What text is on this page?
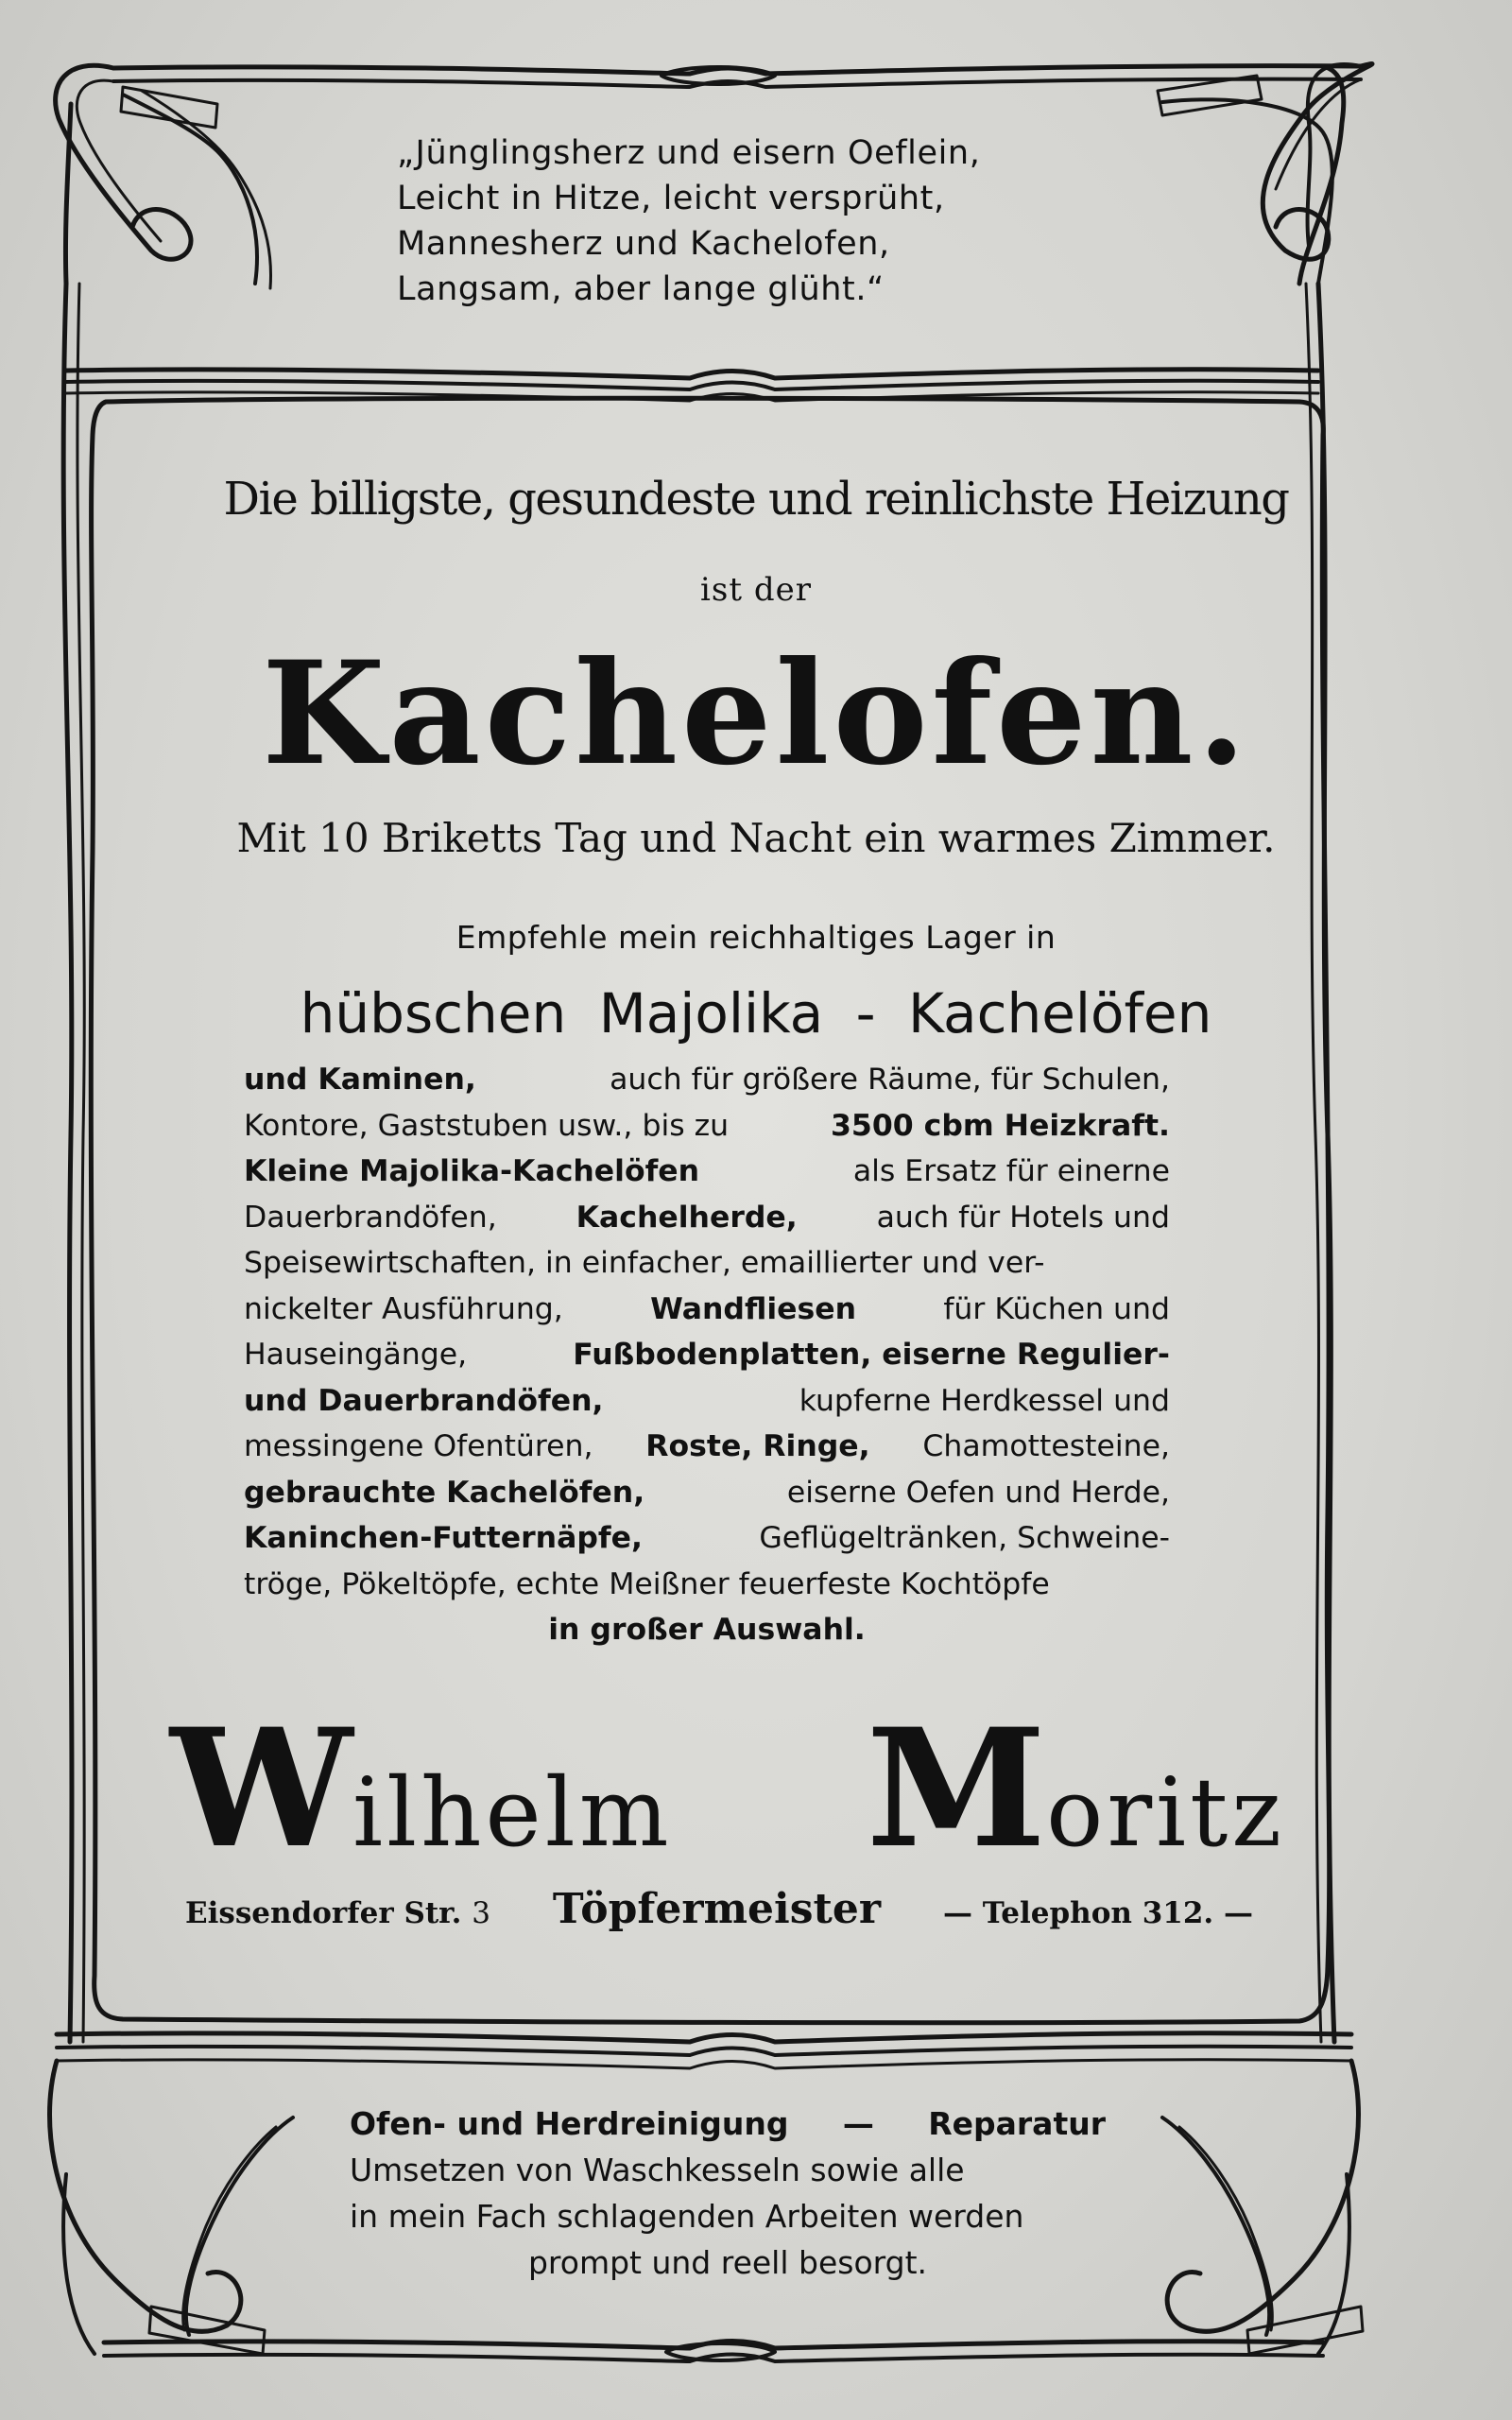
„Jünglingsherz und eisern Oeflein,
Leicht in Hitze, leicht versprüht,
Mannesherz und Kachelofen,
Langsam, aber lange glüht.“
Die billigste, gesundeste und reinlichste Heizung
ist der
Kachelofen.
Mit 10 Briketts Tag und Nacht ein warmes Zimmer.
Empfehle mein reichhaltiges Lager in
hübschen Majolika - Kachelöfen
und Kaminen,	auch für größere Räume, für Schulen,
Kontore, Gaststuben usw., bis zu	3500 cbm Heizkraft.
Kleine Majolika-Kachelöfen	als Ersatz für einerne
Dauerbrandöfen,	Kachelherde,	auch für Hotels und
Speisewirtschaften, in einfacher, emaillierter und ver-
nickelter Ausführung,	Wandfliesen	für Küchen und
Hauseingänge,	Fußbodenplatten, eiserne Regulier-
und Dauerbrandöfen,	kupferne Herdkessel und
messingene Ofentüren, Roste, Ringe, Chamottesteine,
gebrauchte Kachelöfen,	eiserne Oefen und Herde,
Kaninchen-Futternäpfe,	Geflügeltränken, Schweine-
tröge, Pökeltöpfe, echte Meißner feuerfeste Kochtöpfe
in großer Auswahl.
Wilhelm Moritz
Eissendorfer Str. 3 Töpfermeister — Telephon 312. —
Ofen- und Herdreinigung — Reparatur
Umsetzen von Waschkesseln sowie alle
in mein Fach schlagenden Arbeiten werden
prompt und reell besorgt.
